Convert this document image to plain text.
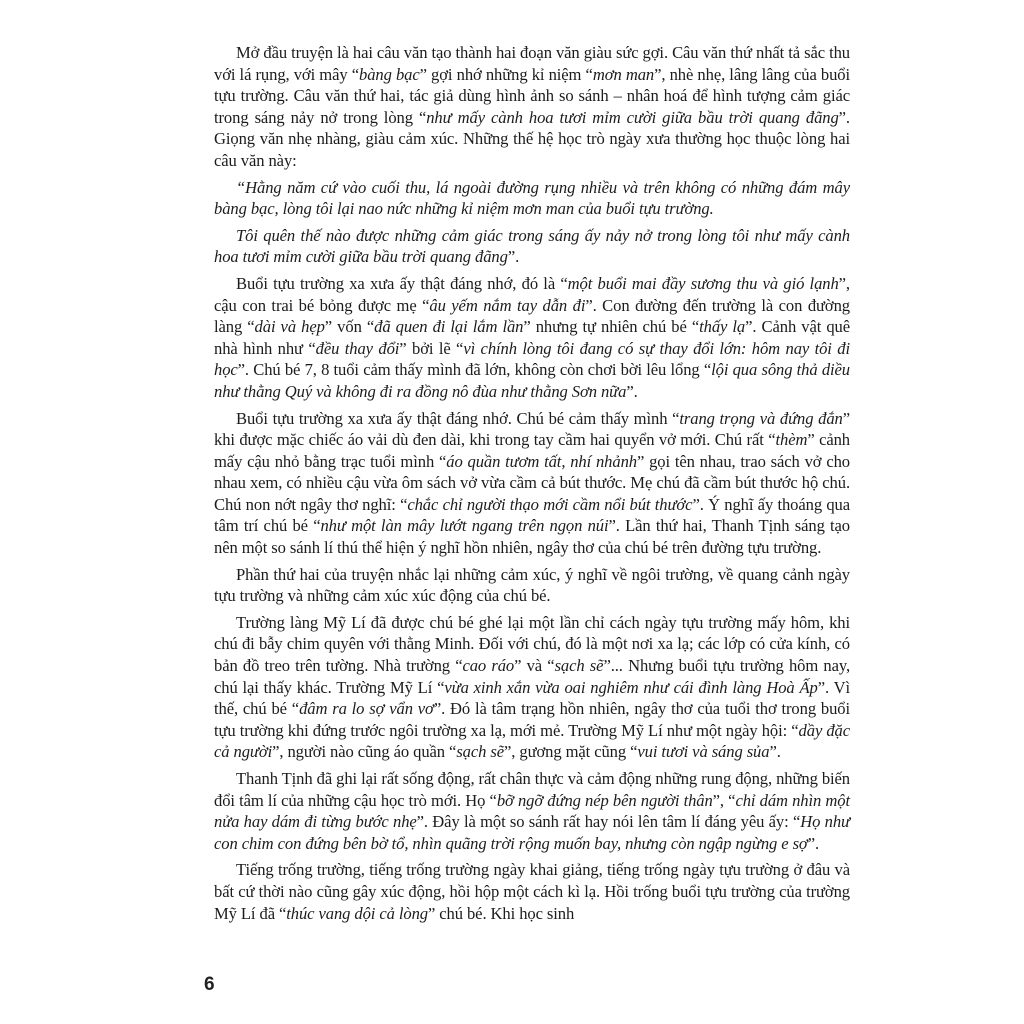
Mở đầu truyện là hai câu văn tạo thành hai đoạn văn giàu sức gợi. Câu văn thứ nhất tả sắc thu với lá rụng, với mây “bàng bạc” gợi nhớ những kỉ niệm “mơn man”, nhè nhẹ, lâng lâng của buổi tựu trường. Câu văn thứ hai, tác giả dùng hình ảnh so sánh – nhân hoá để hình tượng cảm giác trong sáng nảy nở trong lòng “như mấy cành hoa tươi mỉm cười giữa bầu trời quang đãng”. Giọng văn nhẹ nhàng, giàu cảm xúc. Những thế hệ học trò ngày xưa thường học thuộc lòng hai câu văn này:

“Hằng năm cứ vào cuối thu, lá ngoài đường rụng nhiều và trên không có những đám mây bàng bạc, lòng tôi lại nao nức những kỉ niệm mơn man của buổi tựu trường.

Tôi quên thế nào được những cảm giác trong sáng ấy nảy nở trong lòng tôi như mấy cành hoa tươi mỉm cười giữa bầu trời quang đãng”.

Buổi tựu trường xa xưa ấy thật đáng nhớ, đó là “một buổi mai đầy sương thu và gió lạnh”, cậu con trai bé bỏng được mẹ “âu yếm nắm tay dẫn đi”. Con đường đến trường là con đường làng “dài và hẹp” vốn “đã quen đi lại lắm lần” nhưng tự nhiên chú bé “thấy lạ”. Cảnh vật quê nhà hình như “đều thay đổi” bởi lẽ “vì chính lòng tôi đang có sự thay đổi lớn: hôm nay tôi đi học”. Chú bé 7, 8 tuổi cảm thấy mình đã lớn, không còn chơi bời lêu lổng “lội qua sông thả diều như thằng Quý và không đi ra đồng nô đùa như thằng Sơn nữa”.

Buổi tựu trường xa xưa ấy thật đáng nhớ. Chú bé cảm thấy mình “trang trọng và đứng đắn” khi được mặc chiếc áo vải dù đen dài, khi trong tay cầm hai quyển vở mới. Chú rất “thèm” cảnh mấy cậu nhỏ bằng trạc tuổi mình “áo quần tươm tất, nhí nhảnh” gọi tên nhau, trao sách vở cho nhau xem, có nhiều cậu vừa ôm sách vở vừa cầm cả bút thước. Mẹ chú đã cầm bút thước hộ chú. Chú non nớt ngây thơ nghĩ: “chắc chỉ người thạo mới cầm nổi bút thước”. Ý nghĩ ấy thoáng qua tâm trí chú bé “như một làn mây lướt ngang trên ngọn núi”. Lần thứ hai, Thanh Tịnh sáng tạo nên một so sánh lí thú thể hiện ý nghĩ hồn nhiên, ngây thơ của chú bé trên đường tựu trường.

Phần thứ hai của truyện nhắc lại những cảm xúc, ý nghĩ về ngôi trường, về quang cảnh ngày tựu trường và những cảm xúc xúc động của chú bé.

Trường làng Mỹ Lí đã được chú bé ghé lại một lần chỉ cách ngày tựu trường mấy hôm, khi chú đi bẫy chim quyên với thằng Minh. Đối với chú, đó là một nơi xa lạ; các lớp có cửa kính, có bản đồ treo trên tường. Nhà trường “cao ráo” và “sạch sẽ”... Nhưng buổi tựu trường hôm nay, chú lại thấy khác. Trường Mỹ Lí “vừa xinh xắn vừa oai nghiêm như cái đình làng Hoà Ấp”. Vì thế, chú bé “đâm ra lo sợ vẩn vơ”. Đó là tâm trạng hồn nhiên, ngây thơ của tuổi thơ trong buổi tựu trường khi đứng trước ngôi trường xa lạ, mới mẻ. Trường Mỹ Lí như một ngày hội: “dầy đặc cả người”, người nào cũng áo quần “sạch sẽ”, gương mặt cũng “vui tươi và sáng sủa”.

Thanh Tịnh đã ghi lại rất sống động, rất chân thực và cảm động những rung động, những biến đổi tâm lí của những cậu học trò mới. Họ “bỡ ngỡ đứng nép bên người thân”, “chỉ dám nhìn một nửa hay dám đi từng bước nhẹ”. Đây là một so sánh rất hay nói lên tâm lí đáng yêu ấy: “Họ như con chim con đứng bên bờ tổ, nhìn quãng trời rộng muốn bay, nhưng còn ngập ngừng e sợ”.

Tiếng trống trường, tiếng trống trường ngày khai giảng, tiếng trống ngày tựu trường ở đâu và bất cứ thời nào cũng gây xúc động, hồi hộp một cách kì lạ. Hồi trống buổi tựu trường của trường Mỹ Lí đã “thúc vang dội cả lòng” chú bé. Khi học sinh

6
